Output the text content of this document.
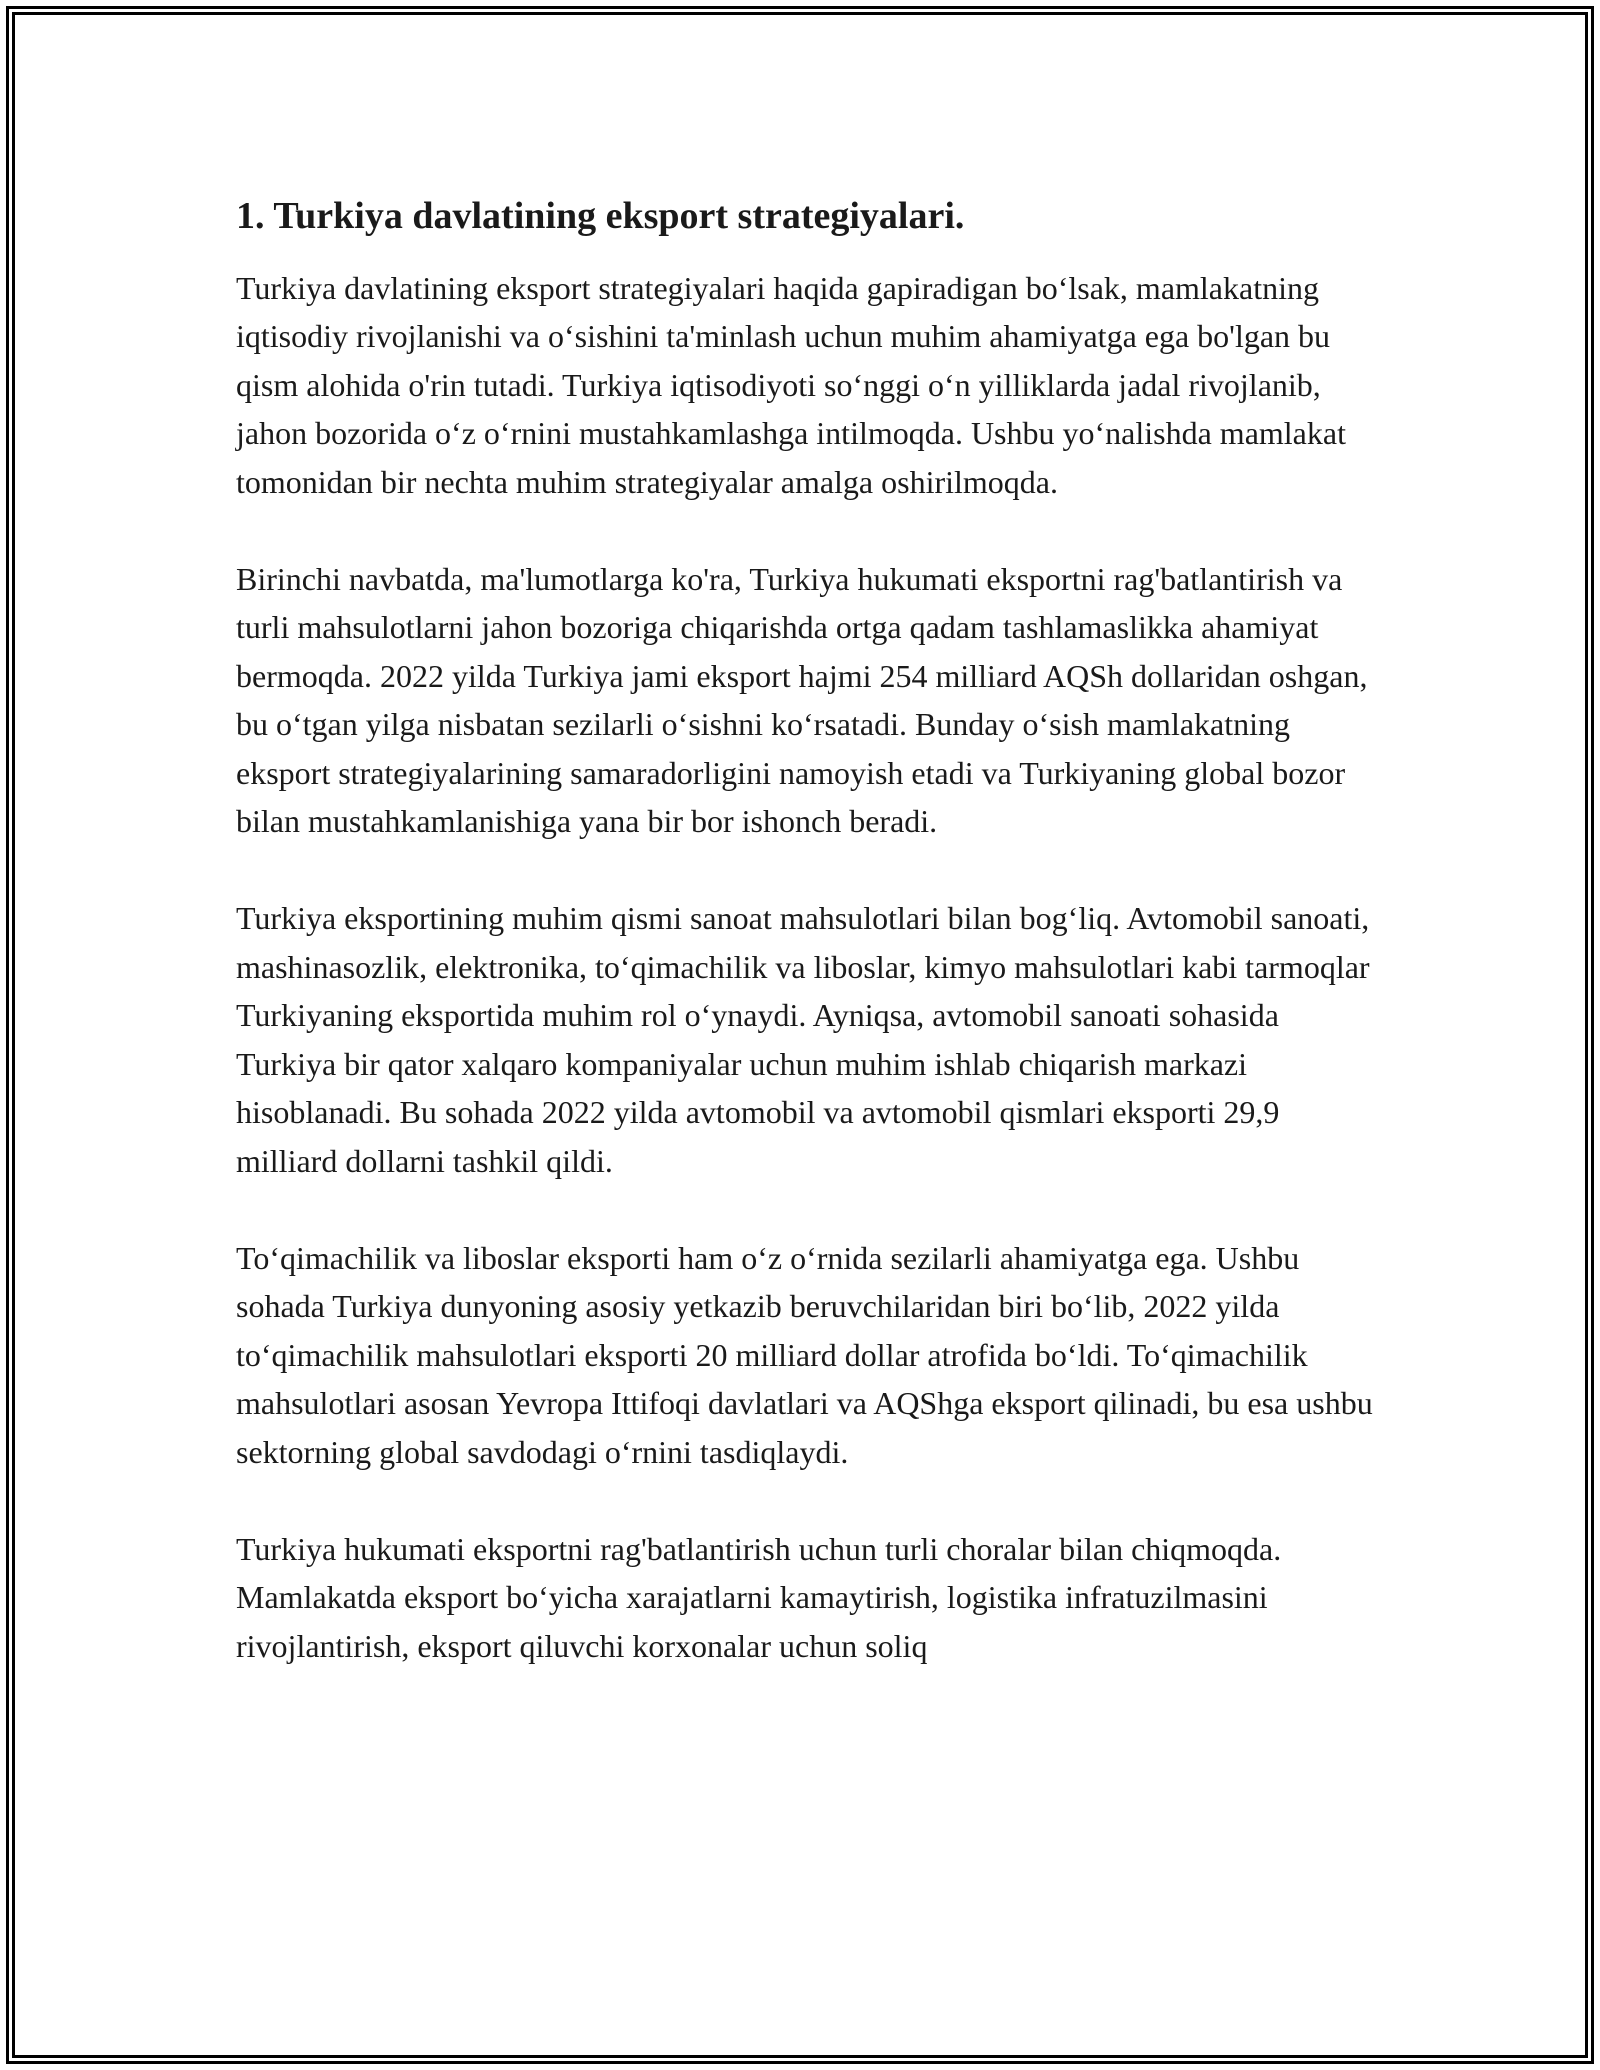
1. Turkiya davlatining eksport strategiyalari.

Turkiya davlatining eksport strategiyalari haqida gapiradigan bo‘lsak, mamlakatning iqtisodiy rivojlanishi va o‘sishini ta'minlash uchun muhim ahamiyatga ega bo'lgan bu qism alohida o'rin tutadi. Turkiya iqtisodiyoti so‘nggi o‘n yilliklarda jadal rivojlanib, jahon bozorida o‘z o‘rnini mustahkamlashga intilmoqda. Ushbu yo‘nalishda mamlakat tomonidan bir nechta muhim strategiyalar amalga oshirilmoqda.

Birinchi navbatda, ma'lumotlarga ko'ra, Turkiya hukumati eksportni rag'batlantirish va turli mahsulotlarni jahon bozoriga chiqarishda ortga qadam tashlamaslikka ahamiyat bermoqda. 2022 yilda Turkiya jami eksport hajmi 254 milliard AQSh dollaridan oshgan, bu o‘tgan yilga nisbatan sezilarli o‘sishni ko‘rsatadi. Bunday o‘sish mamlakatning eksport strategiyalarining samaradorligini namoyish etadi va Turkiyaning global bozor bilan mustahkamlanishiga yana bir bor ishonch beradi.

Turkiya eksportining muhim qismi sanoat mahsulotlari bilan bog‘liq. Avtomobil sanoati, mashinasozlik, elektronika, to‘qimachilik va liboslar, kimyo mahsulotlari kabi tarmoqlar Turkiyaning eksportida muhim rol o‘ynaydi. Ayniqsa, avtomobil sanoati sohasida Turkiya bir qator xalqaro kompaniyalar uchun muhim ishlab chiqarish markazi hisoblanadi. Bu sohada 2022 yilda avtomobil va avtomobil qismlari eksporti 29,9 milliard dollarni tashkil qildi.

To‘qimachilik va liboslar eksporti ham o‘z o‘rnida sezilarli ahamiyatga ega. Ushbu sohada Turkiya dunyoning asosiy yetkazib beruvchilaridan biri bo‘lib, 2022 yilda to‘qimachilik mahsulotlari eksporti 20 milliard dollar atrofida bo‘ldi. To‘qimachilik mahsulotlari asosan Yevropa Ittifoqi davlatlari va AQShga eksport qilinadi, bu esa ushbu sektorning global savdodagi o‘rnini tasdiqlaydi.

Turkiya hukumati eksportni rag'batlantirish uchun turli choralar bilan chiqmoqda. Mamlakatda eksport bo‘yicha xarajatlarni kamaytirish, logistika infratuzilmasini rivojlantirish, eksport qiluvchi korxonalar uchun soliq
